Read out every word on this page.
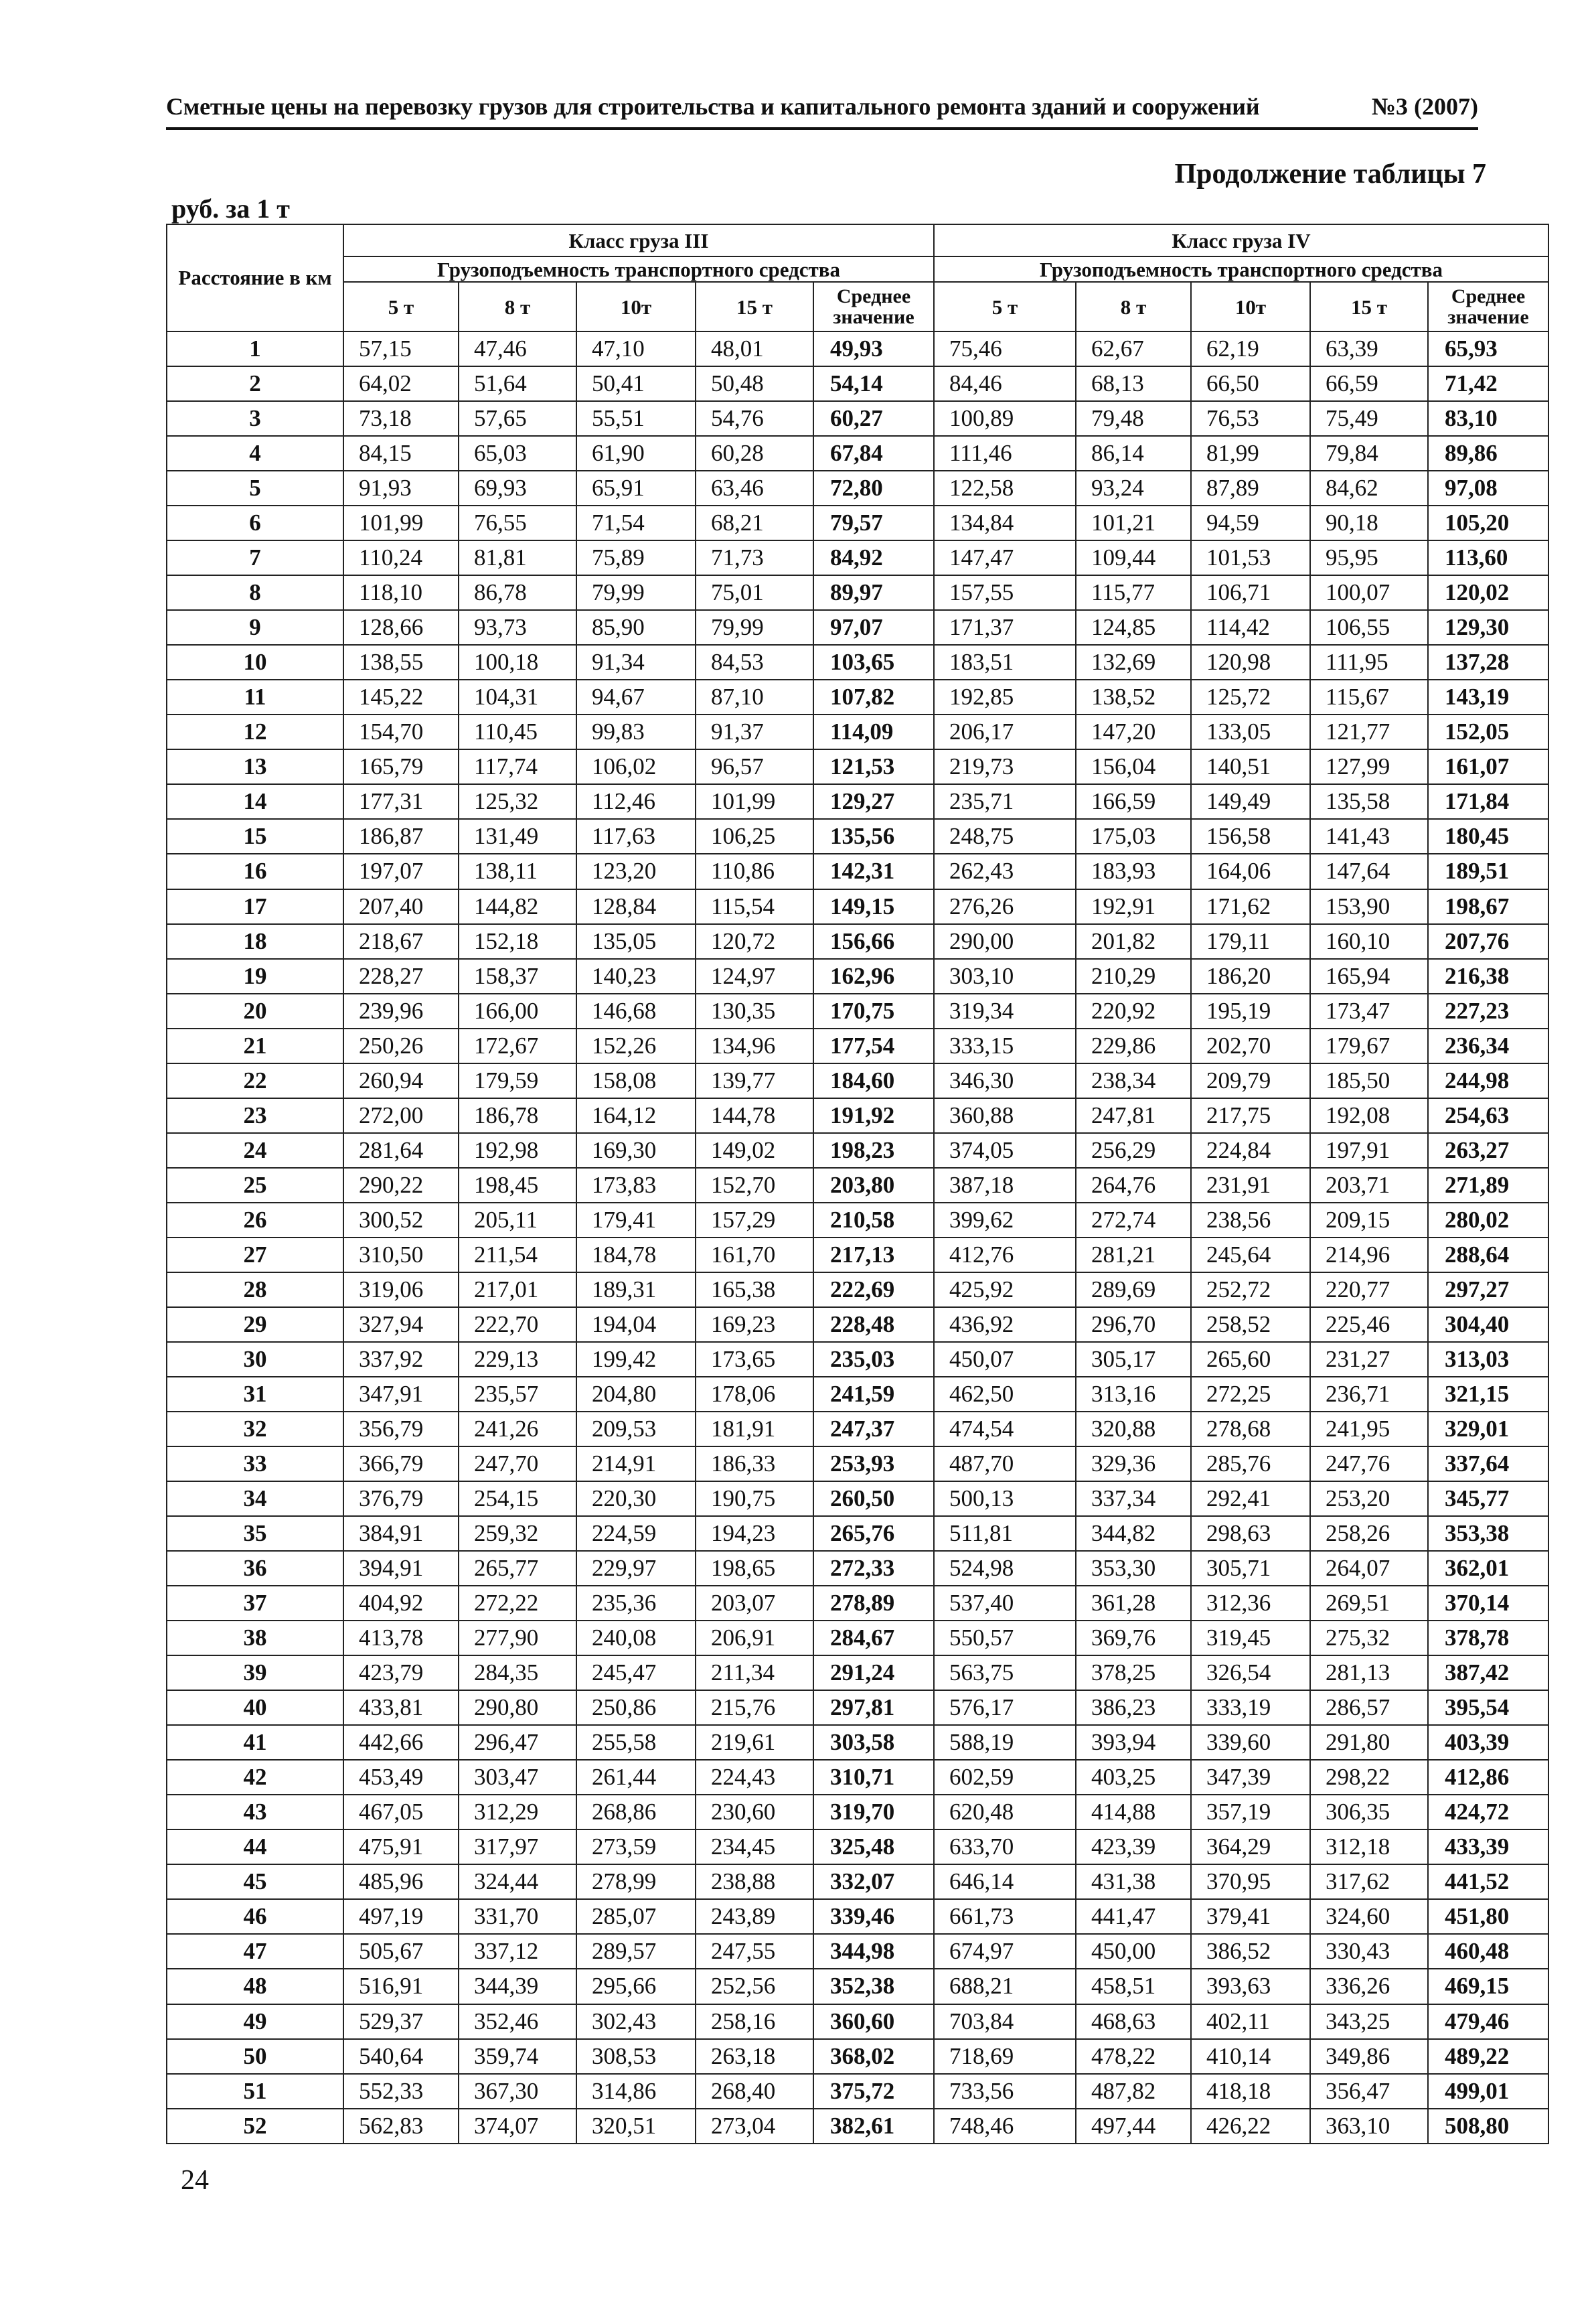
Сметные цены на перевозку грузов для строительства и капитального ремонта зданий и сооружений	№3 (2007)
Продолжение таблицы 7
руб. за 1 т
Расстояние в км	Класс груза III					Класс груза IV				
	Грузоподъемность транспортного средства					Грузоподъемность транспортного средства				
	5 т	8 т	10т	15 т	Среднее значение	5 т	8 т	10т	15 т	Среднее значение
1	57,15	47,46	47,10	48,01	49,93	75,46	62,67	62,19	63,39	65,93
2	64,02	51,64	50,41	50,48	54,14	84,46	68,13	66,50	66,59	71,42
3	73,18	57,65	55,51	54,76	60,27	100,89	79,48	76,53	75,49	83,10
4	84,15	65,03	61,90	60,28	67,84	111,46	86,14	81,99	79,84	89,86
5	91,93	69,93	65,91	63,46	72,80	122,58	93,24	87,89	84,62	97,08
6	101,99	76,55	71,54	68,21	79,57	134,84	101,21	94,59	90,18	105,20
7	110,24	81,81	75,89	71,73	84,92	147,47	109,44	101,53	95,95	113,60
8	118,10	86,78	79,99	75,01	89,97	157,55	115,77	106,71	100,07	120,02
9	128,66	93,73	85,90	79,99	97,07	171,37	124,85	114,42	106,55	129,30
10	138,55	100,18	91,34	84,53	103,65	183,51	132,69	120,98	111,95	137,28
11	145,22	104,31	94,67	87,10	107,82	192,85	138,52	125,72	115,67	143,19
12	154,70	110,45	99,83	91,37	114,09	206,17	147,20	133,05	121,77	152,05
13	165,79	117,74	106,02	96,57	121,53	219,73	156,04	140,51	127,99	161,07
14	177,31	125,32	112,46	101,99	129,27	235,71	166,59	149,49	135,58	171,84
15	186,87	131,49	117,63	106,25	135,56	248,75	175,03	156,58	141,43	180,45
16	197,07	138,11	123,20	110,86	142,31	262,43	183,93	164,06	147,64	189,51
17	207,40	144,82	128,84	115,54	149,15	276,26	192,91	171,62	153,90	198,67
18	218,67	152,18	135,05	120,72	156,66	290,00	201,82	179,11	160,10	207,76
19	228,27	158,37	140,23	124,97	162,96	303,10	210,29	186,20	165,94	216,38
20	239,96	166,00	146,68	130,35	170,75	319,34	220,92	195,19	173,47	227,23
21	250,26	172,67	152,26	134,96	177,54	333,15	229,86	202,70	179,67	236,34
22	260,94	179,59	158,08	139,77	184,60	346,30	238,34	209,79	185,50	244,98
23	272,00	186,78	164,12	144,78	191,92	360,88	247,81	217,75	192,08	254,63
24	281,64	192,98	169,30	149,02	198,23	374,05	256,29	224,84	197,91	263,27
25	290,22	198,45	173,83	152,70	203,80	387,18	264,76	231,91	203,71	271,89
26	300,52	205,11	179,41	157,29	210,58	399,62	272,74	238,56	209,15	280,02
27	310,50	211,54	184,78	161,70	217,13	412,76	281,21	245,64	214,96	288,64
28	319,06	217,01	189,31	165,38	222,69	425,92	289,69	252,72	220,77	297,27
29	327,94	222,70	194,04	169,23	228,48	436,92	296,70	258,52	225,46	304,40
30	337,92	229,13	199,42	173,65	235,03	450,07	305,17	265,60	231,27	313,03
31	347,91	235,57	204,80	178,06	241,59	462,50	313,16	272,25	236,71	321,15
32	356,79	241,26	209,53	181,91	247,37	474,54	320,88	278,68	241,95	329,01
33	366,79	247,70	214,91	186,33	253,93	487,70	329,36	285,76	247,76	337,64
34	376,79	254,15	220,30	190,75	260,50	500,13	337,34	292,41	253,20	345,77
35	384,91	259,32	224,59	194,23	265,76	511,81	344,82	298,63	258,26	353,38
36	394,91	265,77	229,97	198,65	272,33	524,98	353,30	305,71	264,07	362,01
37	404,92	272,22	235,36	203,07	278,89	537,40	361,28	312,36	269,51	370,14
38	413,78	277,90	240,08	206,91	284,67	550,57	369,76	319,45	275,32	378,78
39	423,79	284,35	245,47	211,34	291,24	563,75	378,25	326,54	281,13	387,42
40	433,81	290,80	250,86	215,76	297,81	576,17	386,23	333,19	286,57	395,54
41	442,66	296,47	255,58	219,61	303,58	588,19	393,94	339,60	291,80	403,39
42	453,49	303,47	261,44	224,43	310,71	602,59	403,25	347,39	298,22	412,86
43	467,05	312,29	268,86	230,60	319,70	620,48	414,88	357,19	306,35	424,72
44	475,91	317,97	273,59	234,45	325,48	633,70	423,39	364,29	312,18	433,39
45	485,96	324,44	278,99	238,88	332,07	646,14	431,38	370,95	317,62	441,52
46	497,19	331,70	285,07	243,89	339,46	661,73	441,47	379,41	324,60	451,80
47	505,67	337,12	289,57	247,55	344,98	674,97	450,00	386,52	330,43	460,48
48	516,91	344,39	295,66	252,56	352,38	688,21	458,51	393,63	336,26	469,15
49	529,37	352,46	302,43	258,16	360,60	703,84	468,63	402,11	343,25	479,46
50	540,64	359,74	308,53	263,18	368,02	718,69	478,22	410,14	349,86	489,22
51	552,33	367,30	314,86	268,40	375,72	733,56	487,82	418,18	356,47	499,01
52	562,83	374,07	320,51	273,04	382,61	748,46	497,44	426,22	363,10	508,80
24
